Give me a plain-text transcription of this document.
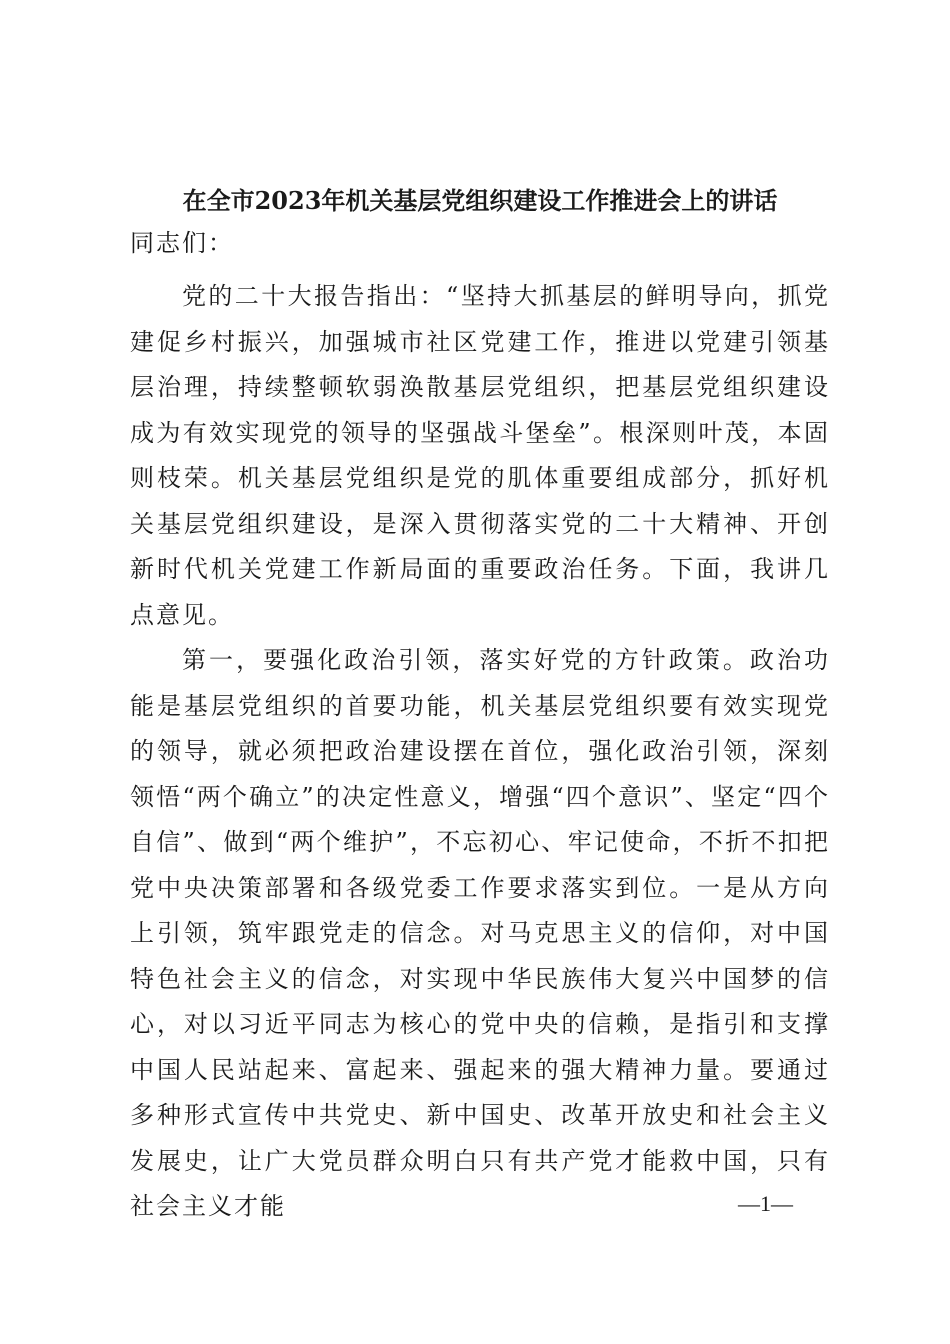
在全市2023年机关基层党组织建设工作推进会上的讲话

同志们：

党的二十大报告指出：“坚持大抓基层的鲜明导向，抓党建促乡村振兴，加强城市社区党建工作，推进以党建引领基层治理，持续整顿软弱涣散基层党组织，把基层党组织建设成为有效实现党的领导的坚强战斗堡垒”。根深则叶茂，本固则枝荣。机关基层党组织是党的肌体重要组成部分，抓好机关基层党组织建设，是深入贯彻落实党的二十大精神、开创新时代机关党建工作新局面的重要政治任务。下面，我讲几点意见。

第一，要强化政治引领，落实好党的方针政策。政治功能是基层党组织的首要功能，机关基层党组织要有效实现党的领导，就必须把政治建设摆在首位，强化政治引领，深刻领悟“两个确立”的决定性意义，增强“四个意识”、坚定“四个自信”、做到“两个维护”，不忘初心、牢记使命，不折不扣把党中央决策部署和各级党委工作要求落实到位。一是从方向上引领，筑牢跟党走的信念。对马克思主义的信仰，对中国特色社会主义的信念，对实现中华民族伟大复兴中国梦的信心，对以习近平同志为核心的党中央的信赖，是指引和支撑中国人民站起来、富起来、强起来的强大精神力量。要通过多种形式宣传中共党史、新中国史、改革开放史和社会主义发展史，让广大党员群众明白只有共产党才能救中国，只有社会主义才能	—1—
